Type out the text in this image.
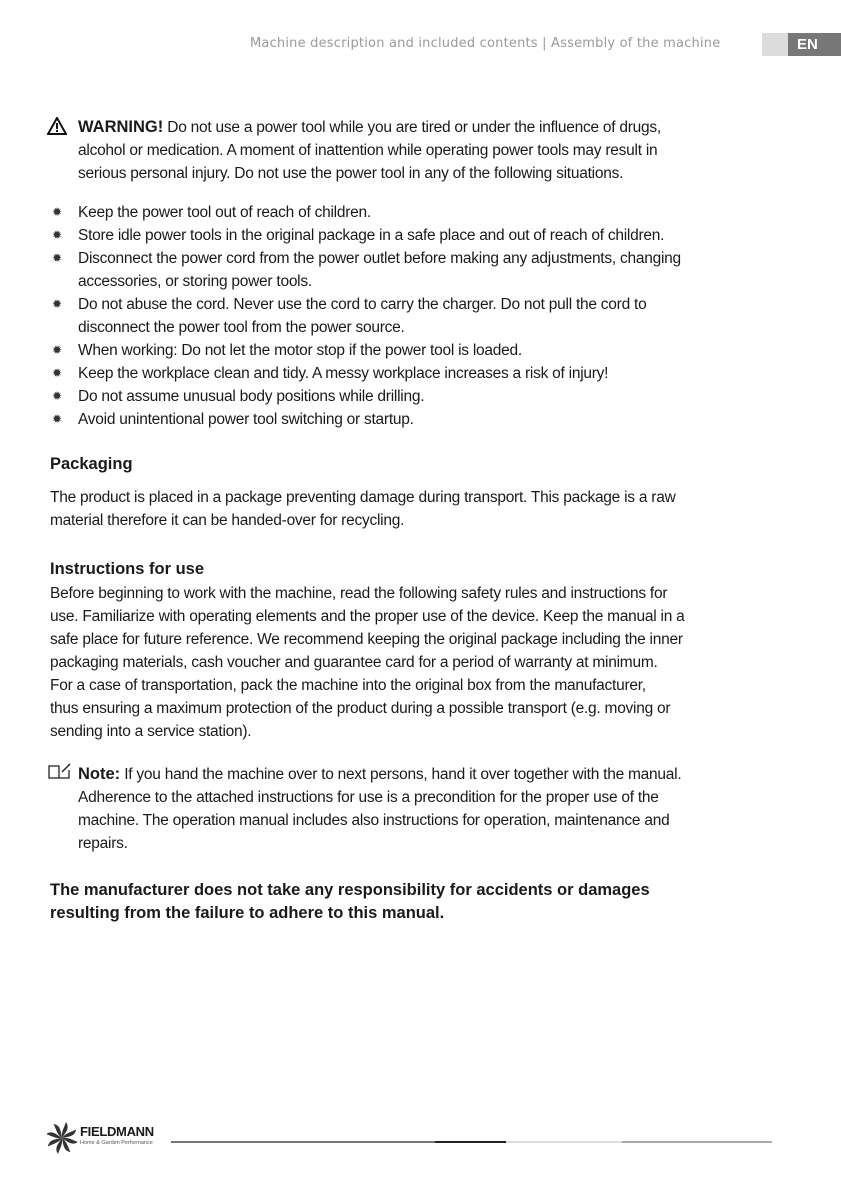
Machine description and included contents | Assembly of the machine	EN
WARNING! Do not use a power tool while you are tired or under the influence of drugs,
alcohol or medication. A moment of inattention while operating power tools may result in
serious personal injury. Do not use the power tool in any of the following situations.
✹ Keep the power tool out of reach of children.
✹ Store idle power tools in the original package in a safe place and out of reach of children.
✹ Disconnect the power cord from the power outlet before making any adjustments, changing
accessories, or storing power tools.
✹ Do not abuse the cord. Never use the cord to carry the charger. Do not pull the cord to
disconnect the power tool from the power source.
✹ When working: Do not let the motor stop if the power tool is loaded.
✹ Keep the workplace clean and tidy. A messy workplace increases a risk of injury!
✹ Do not assume unusual body positions while drilling.
✹ Avoid unintentional power tool switching or startup.
Packaging
The product is placed in a package preventing damage during transport. This package is a raw
material therefore it can be handed-over for recycling.
Instructions for use
Before beginning to work with the machine, read the following safety rules and instructions for
use. Familiarize with operating elements and the proper use of the device. Keep the manual in a
safe place for future reference. We recommend keeping the original package including the inner
packaging materials, cash voucher and guarantee card for a period of warranty at minimum.
For a case of transportation, pack the machine into the original box from the manufacturer,
thus ensuring a maximum protection of the product during a possible transport (e.g. moving or
sending into a service station).
Note: If you hand the machine over to next persons, hand it over together with the manual.
Adherence to the attached instructions for use is a precondition for the proper use of the
machine. The operation manual includes also instructions for operation, maintenance and
repairs.
The manufacturer does not take any responsibility for accidents or damages
resulting from the failure to adhere to this manual.
FIELDMANN
Home & Garden Performance
